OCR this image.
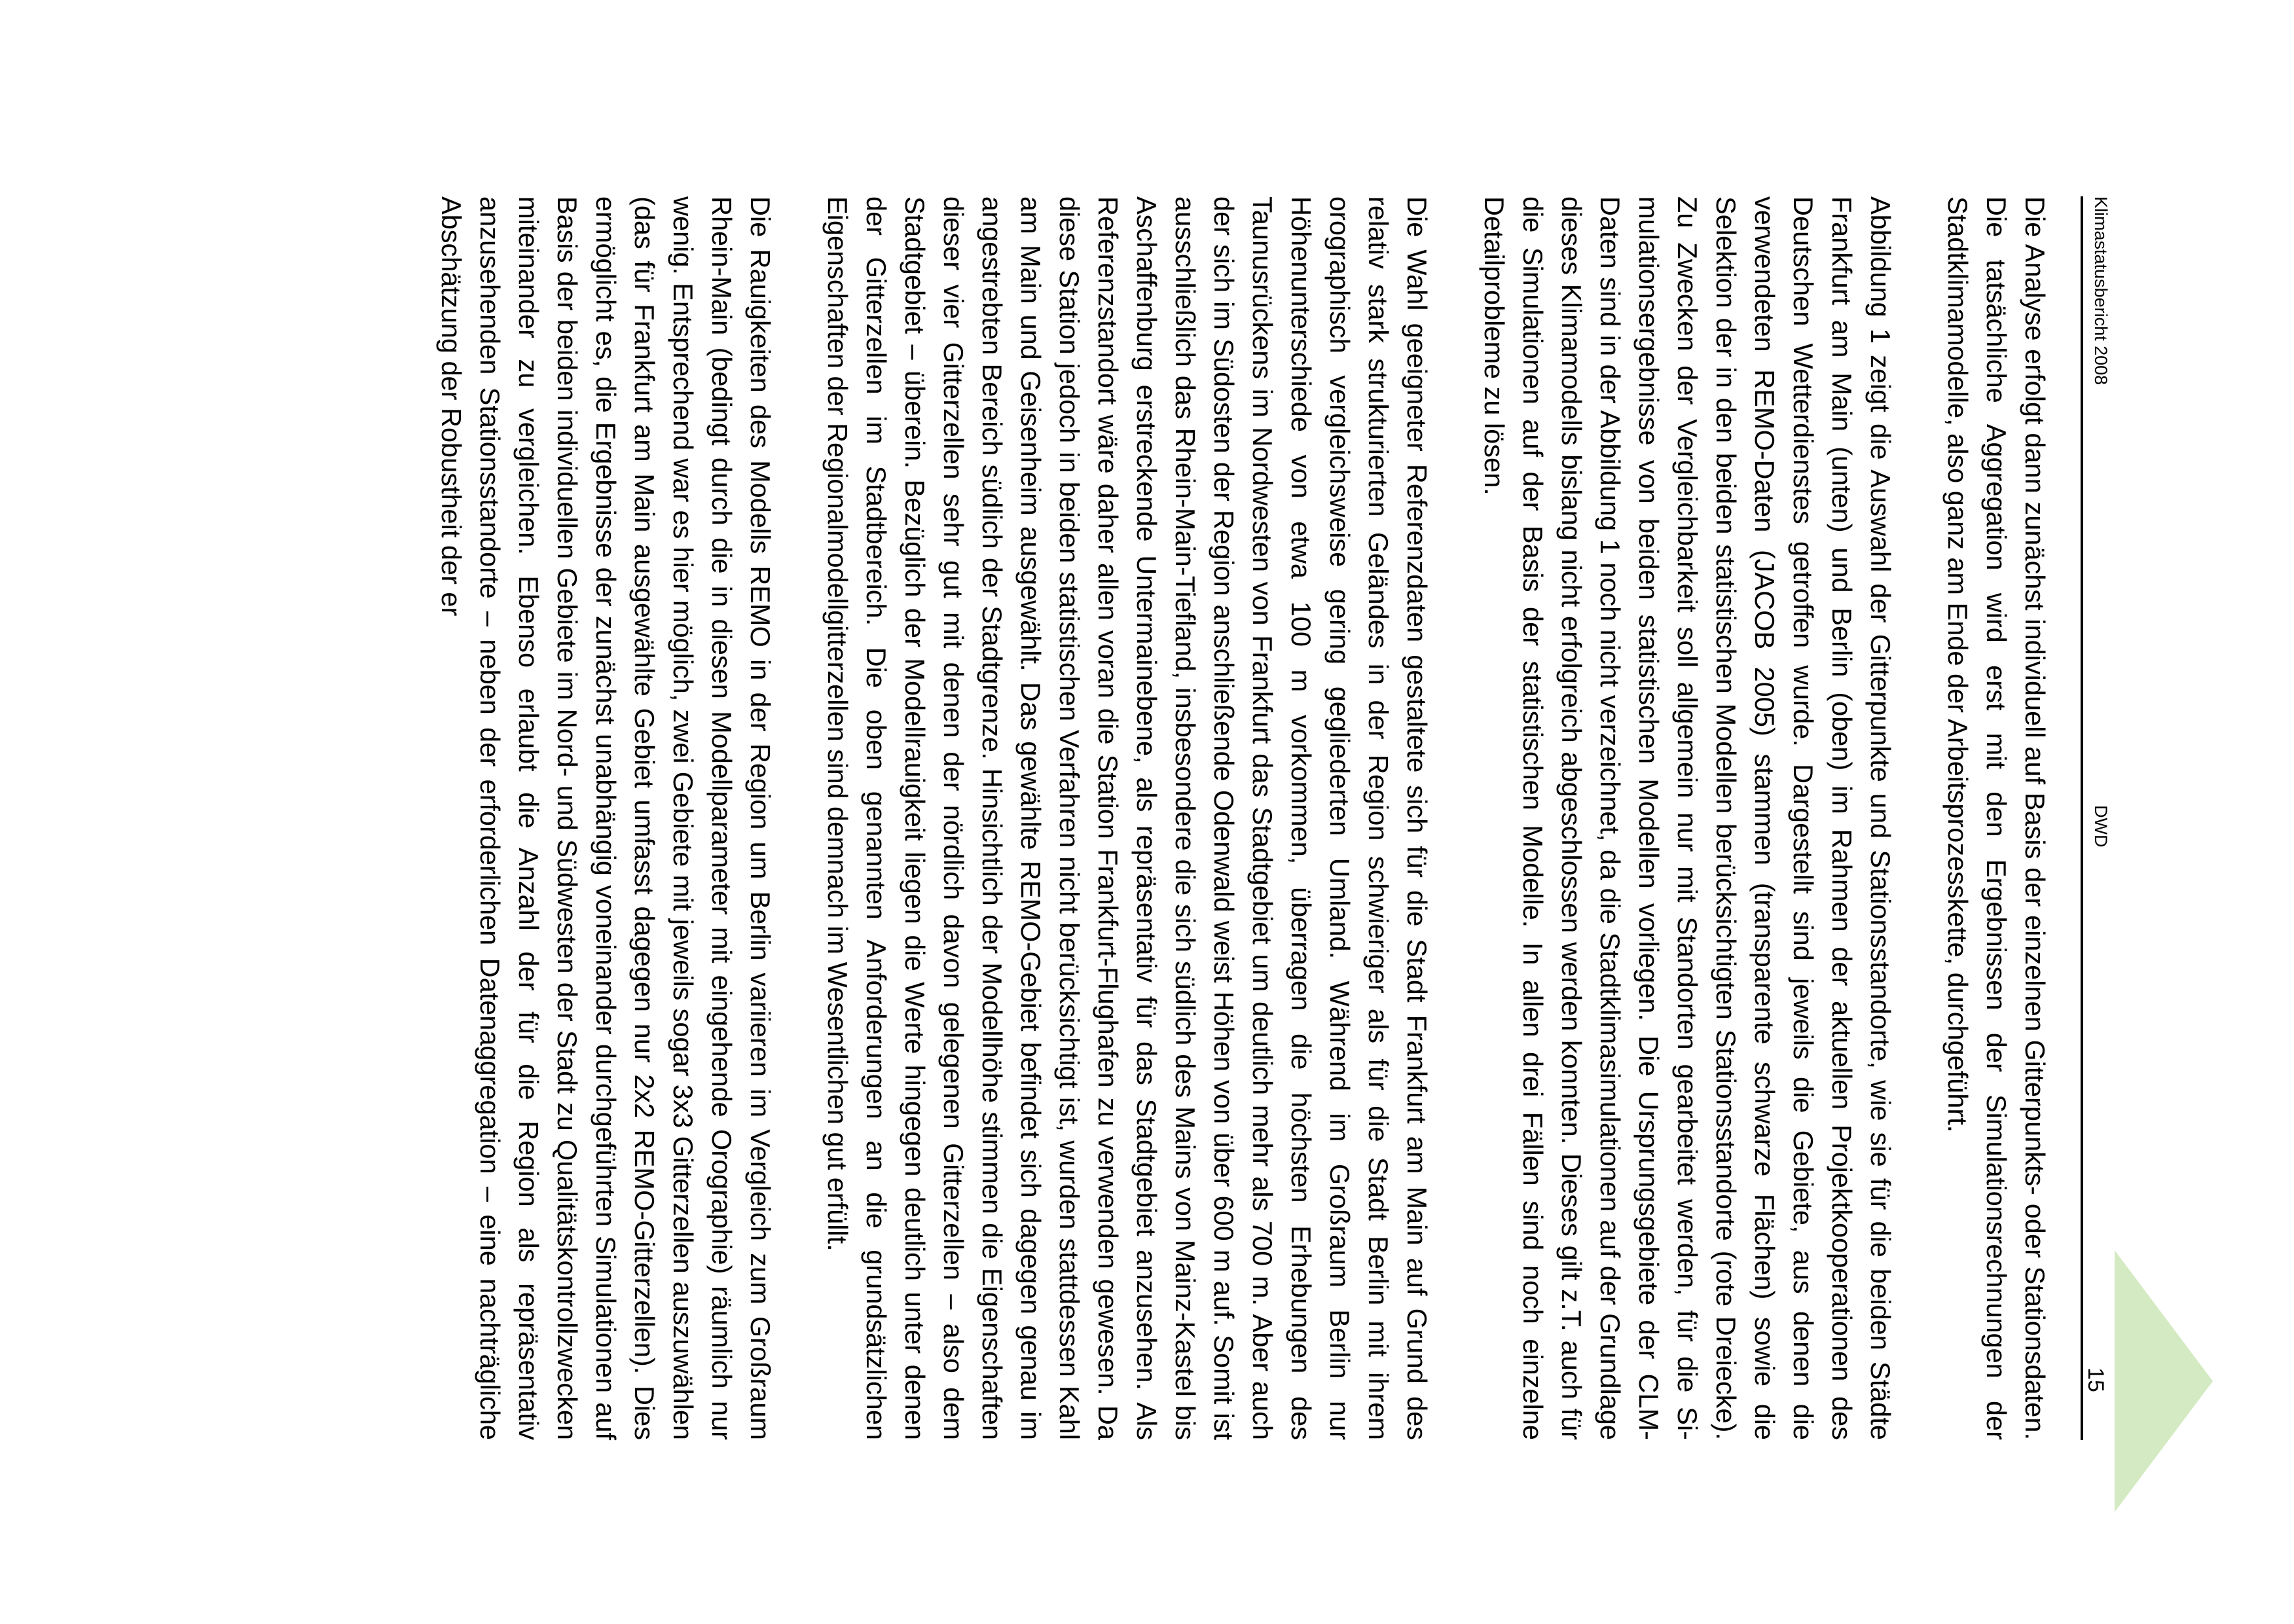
Klimastatusbericht 2008
DWD
15

Die Analyse erfolgt dann zunächst individuell auf Basis der einzelnen Gitterpunkts- oder Stationsdaten. Die tatsächliche Aggregation wird erst mit den Ergebnissen der Simulationsrechnungen der Stadtklimamodelle, also ganz am Ende der Arbeitsprozesskette, durchgeführt.

Abbildung 1 zeigt die Auswahl der Gitterpunkte und Stationsstandorte, wie sie für die beiden Städte Frankfurt am Main (unten) und Berlin (oben) im Rahmen der aktuellen Projektkooperationen des Deutschen Wetterdienstes getroffen wurde. Dargestellt sind jeweils die Gebiete, aus denen die verwendeten REMO-Daten (JACOB 2005) stammen (transparente schwarze Flächen) sowie die Selektion der in den beiden statistischen Modellen berücksichtigten Stationsstandorte (rote Dreiecke). Zu Zwecken der Vergleichbarkeit soll allgemein nur mit Standorten gearbeitet werden, für die Simulationsergebnisse von beiden statistischen Modellen vorliegen. Die Ursprungsgebiete der CLM-Daten sind in der Abbildung 1 noch nicht verzeichnet, da die Stadtklimasimulationen auf der Grundlage dieses Klimamodells bislang nicht erfolgreich abgeschlossen werden konnten. Dieses gilt z.T. auch für die Simulationen auf der Basis der statistischen Modelle. In allen drei Fällen sind noch einzelne Detailprobleme zu lösen.

Die Wahl geeigneter Referenzdaten gestaltete sich für die Stadt Frankfurt am Main auf Grund des relativ stark strukturierten Geländes in der Region schwieriger als für die Stadt Berlin mit ihrem orographisch vergleichsweise gering gegliederten Umland. Während im Großraum Berlin nur Höhenunterschiede von etwa 100 m vorkommen, überragen die höchsten Erhebungen des Taunusrückens im Nordwesten von Frankfurt das Stadtgebiet um deutlich mehr als 700 m. Aber auch der sich im Südosten der Region anschließende Odenwald weist Höhen von über 600 m auf. Somit ist ausschließlich das Rhein-Main-Tiefland, insbesondere die sich südlich des Mains von Mainz-Kastel bis Aschaffenburg erstreckende Untermainebene, als repräsentativ für das Stadtgebiet anzusehen. Als Referenzstandort wäre daher allen voran die Station Frankfurt-Flughafen zu verwenden gewesen. Da diese Station jedoch in beiden statistischen Verfahren nicht berücksichtigt ist, wurden stattdessen Kahl am Main und Geisenheim ausgewählt. Das gewählte REMO-Gebiet befindet sich dagegen genau im angestrebten Bereich südlich der Stadtgrenze. Hinsichtlich der Modellhöhe stimmen die Eigenschaften dieser vier Gitterzellen sehr gut mit denen der nördlich davon gelegenen Gitterzellen – also dem Stadtgebiet – überein. Bezüglich der Modellrauigkeit liegen die Werte hingegen deutlich unter denen der Gitterzellen im Stadtbereich. Die oben genannten Anforderungen an die grundsätzlichen Eigenschaften der Regionalmodellgitterzellen sind demnach im Wesentlichen gut erfüllt.

Die Rauigkeiten des Modells REMO in der Region um Berlin variieren im Vergleich zum Großraum Rhein-Main (bedingt durch die in diesen Modellparameter mit eingehende Orographie) räumlich nur wenig. Entsprechend war es hier möglich, zwei Gebiete mit jeweils sogar 3x3 Gitterzellen auszuwählen (das für Frankfurt am Main ausgewählte Gebiet umfasst dagegen nur 2x2 REMO-Gitterzellen). Dies ermöglicht es, die Ergebnisse der zunächst unabhängig voneinander durchgeführten Simulationen auf Basis der beiden individuellen Gebiete im Nord- und Südwesten der Stadt zu Qualitätskontrollzwecken miteinander zu vergleichen. Ebenso erlaubt die Anzahl der für die Region als repräsentativ anzusehenden Stationsstandorte – neben der erforderlichen Datenaggregation – eine nachträgliche Abschätzung der Robustheit der er
